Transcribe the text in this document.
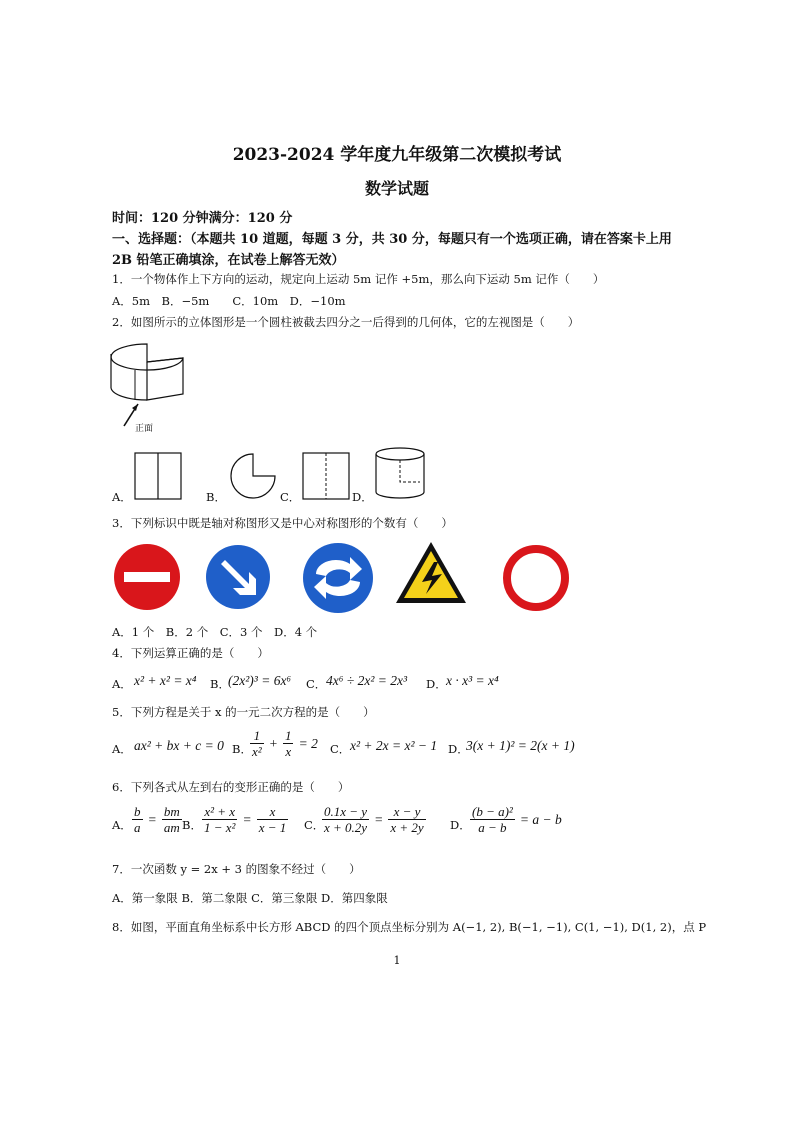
2023-2024 学年度九年级第二次模拟考试
数学试题
时间：120 分钟满分：120 分
一、选择题：（本题共 10 道题，每题 3 分，共 30 分，每题只有一个选项正确，请在答案卡上用
2B 铅笔正确填涂，在试卷上解答无效）
1．一个物体作上下方向的运动，规定向上运动 5m 记作 +5m，那么向下运动 5m 记作（　　）
A．5m　B．−5m　　C．10m　D．−10m
2．如图所示的立体图形是一个圆柱被截去四分之一后得到的几何体，它的左视图是（　　）
正面
A．	B．	C．	D．
3．下列标识中既是轴对称图形又是中心对称图形的个数有（　　）
A．1 个　B．2 个　C．3 个　D．4 个
4．下列运算正确的是（　　）
A． x² + x² = x⁴ B．
(2x²)³ = 6x⁶ C． 4x⁶ ÷ 2x² = 2x³ D． x · x³ = x⁴
5．下列方程是关于 x 的一元二次方程的是（　　）
A． ax² + bx + c = 0 B．
$\frac{1}{\text{x²}} + \frac{1}{x} = 2$ C． x² + 2x = x² − 1 D．
3(x + 1)² = 2(x + 1)
6．下列各式从左到右的变形正确的是（　　）
A． $\frac{b}{a} = \frac{bm}{am}$ B． $\frac{\text{x² + x}}{\text{1 − x²}} = \frac{x}{x - 1}$ C．
$\frac{0.1x - y}{x + 0.2y} = \frac{x - y}{x + 2y}$ D． $\frac{\text{(b − a)²}}{a - b} = a - b$
7．一次函数 y = 2x + 3 的图象不经过（　　）
A．第一象限 B．第二象限 C．第三象限 D．第四象限
8．如图，平面直角坐标系中长方形 ABCD 的四个顶点坐标分别为 A(−1, 2), B(−1, −1), C(1, −1), D(1, 2)，点 P
1
